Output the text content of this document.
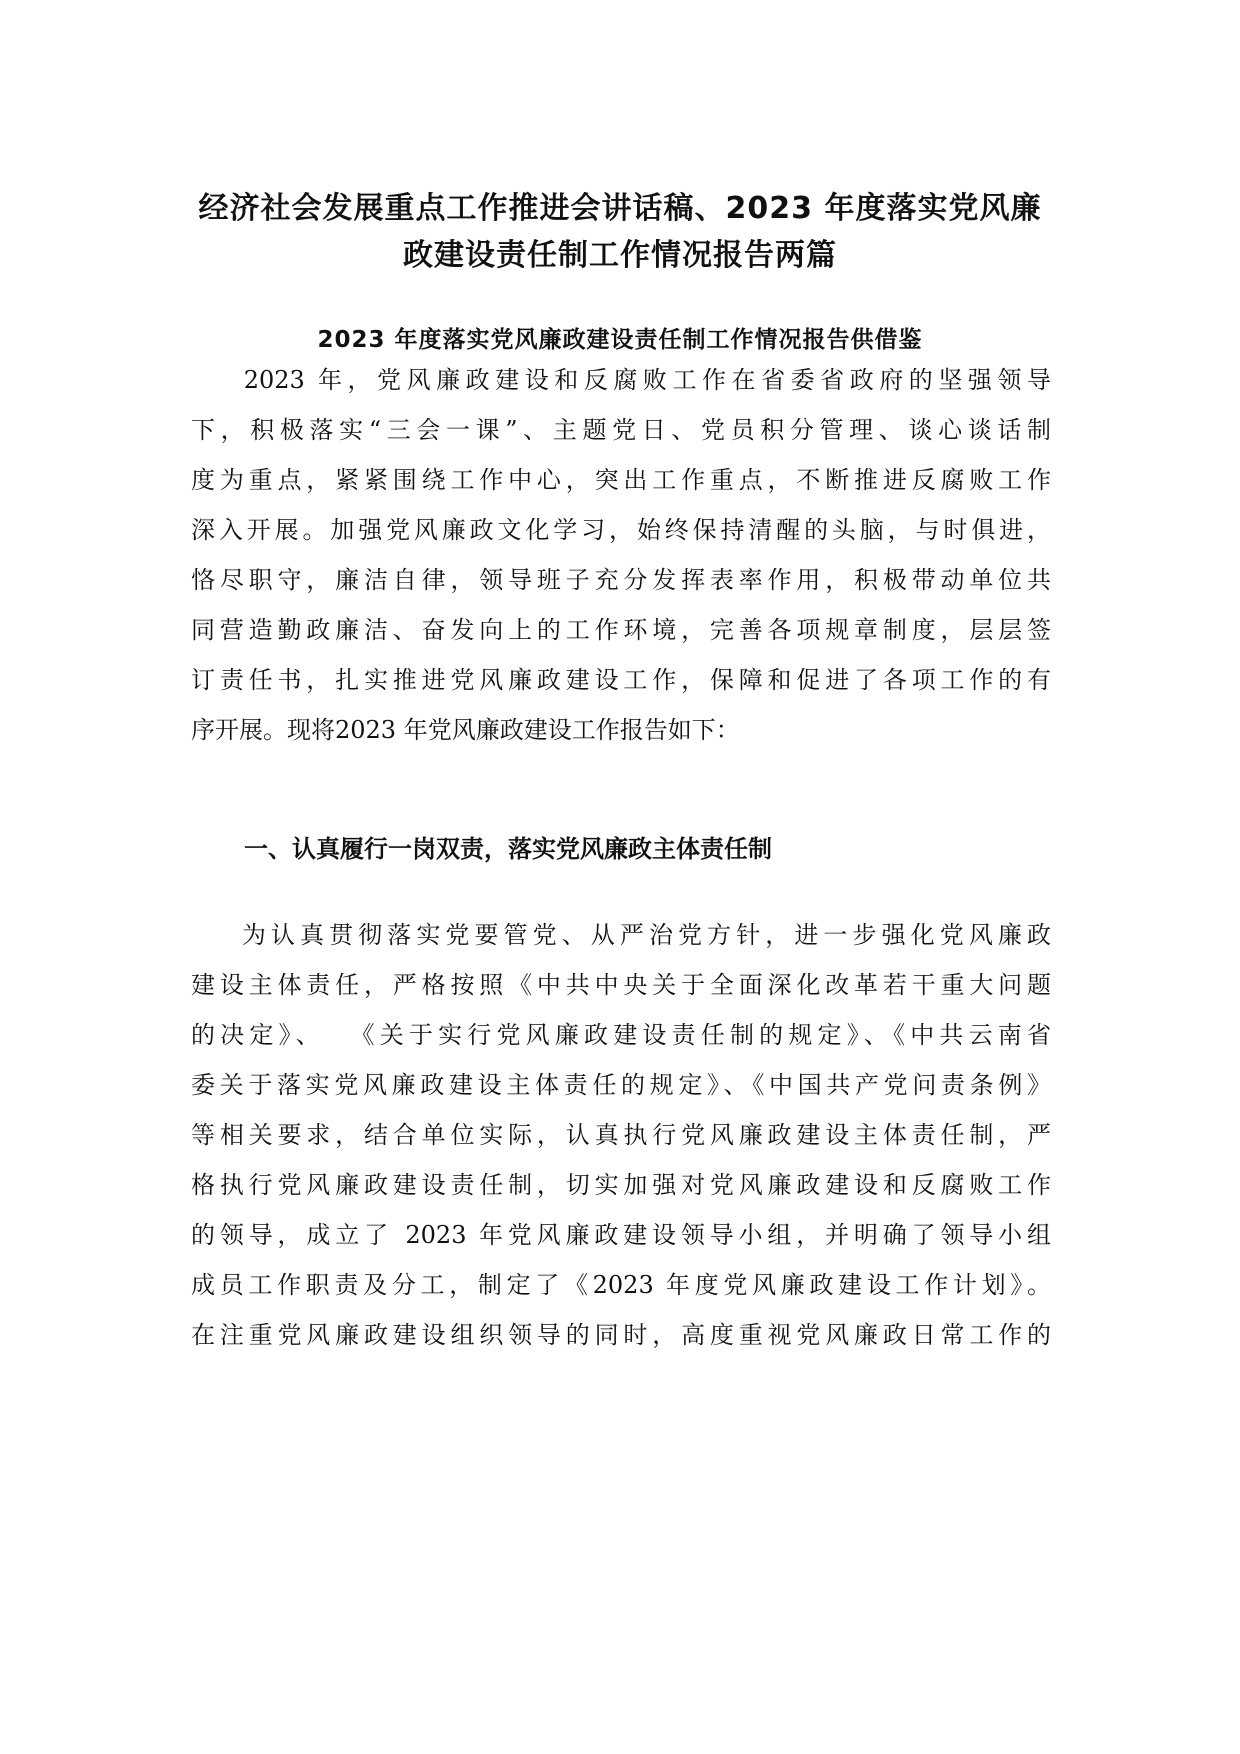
经济社会发展重点工作推进会讲话稿、2023 年度落实党风廉
政建设责任制工作情况报告两篇
2023 年度落实党风廉政建设责任制工作情况报告供借鉴
2023 年，党风廉政建设和反腐败工作在省委省政府的坚强领导
下，积极落实“三会一课”、主题党日、党员积分管理、谈心谈话制
度为重点，紧紧围绕工作中心，突出工作重点，不断推进反腐败工作
深入开展。加强党风廉政文化学习，始终保持清醒的头脑，与时俱进，
恪尽职守，廉洁自律，领导班子充分发挥表率作用，积极带动单位共
同营造勤政廉洁、奋发向上的工作环境，完善各项规章制度，层层签
订责任书，扎实推进党风廉政建设工作，保障和促进了各项工作的有
序开展。现将2023 年党风廉政建设工作报告如下：
一、认真履行一岗双责，落实党风廉政主体责任制
为认真贯彻落实党要管党、从严治党方针，进一步强化党风廉政
建设主体责任，严格按照《中共中央关于全面深化改革若干重大问题
的决定》、  《关于实行党风廉政建设责任制的规定》、《中共云南省
委关于落实党风廉政建设主体责任的规定》、《中国共产党问责条例》
等相关要求，结合单位实际，认真执行党风廉政建设主体责任制，严
格执行党风廉政建设责任制，切实加强对党风廉政建设和反腐败工作
的领导，成立了 2023 年党风廉政建设领导小组，并明确了领导小组
成员工作职责及分工，制定了《2023 年度党风廉政建设工作计划》。
在注重党风廉政建设组织领导的同时，高度重视党风廉政日常工作的
